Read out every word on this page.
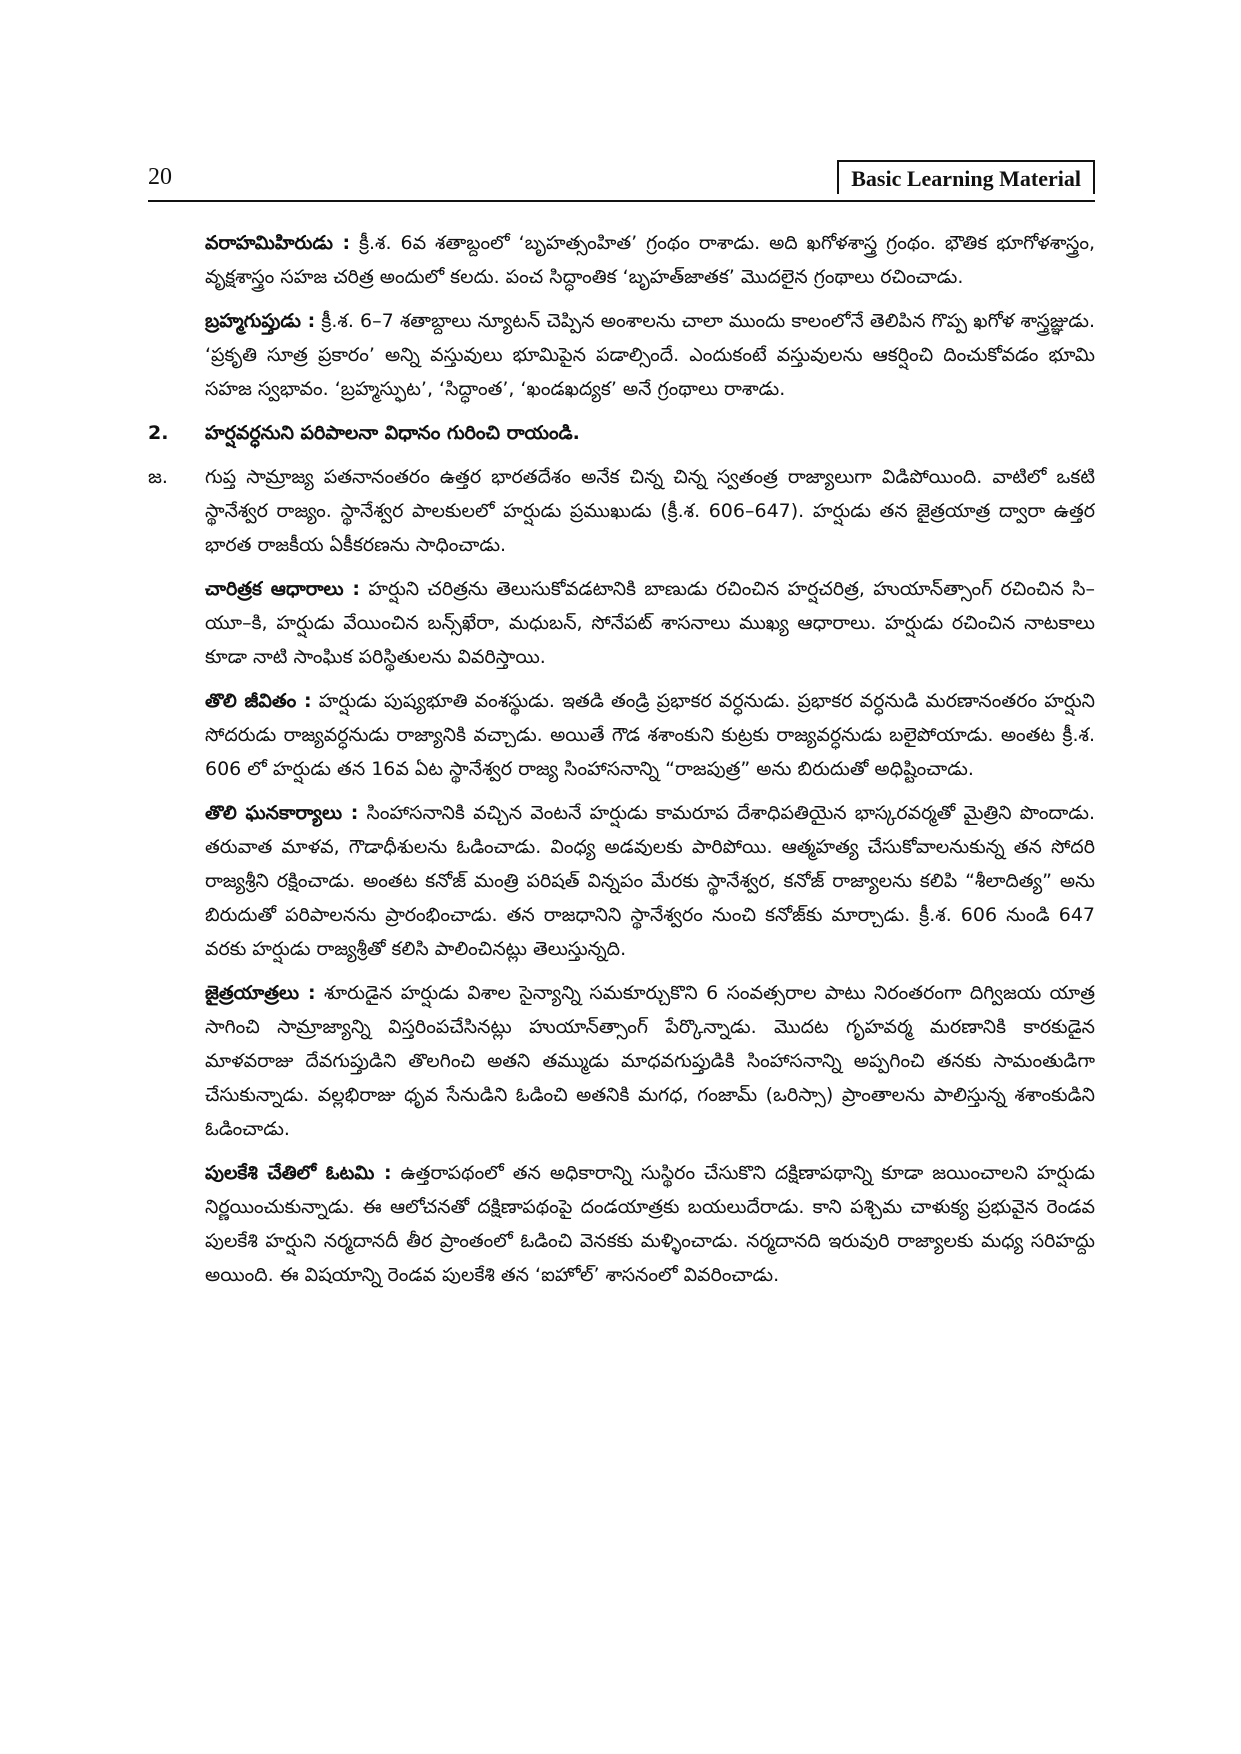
20	Basic Learning Material

వరాహమిహిరుడు : క్రీ.శ. 6వ శతాబ్దంలో ‘బృహత్సంహిత’ గ్రంథం రాశాడు. అది ఖగోళశాస్త్ర గ్రంథం. భౌతిక భూగోళశాస్త్రం, వృక్షశాస్త్రం సహజ చరిత్ర అందులో కలదు. పంచ సిద్ధాంతిక ‘బృహత్‌జాతక’ మొదలైన గ్రంథాలు రచించాడు.

బ్రహ్మగుప్తుడు : క్రీ.శ. 6–7 శతాబ్దాలు న్యూటన్ చెప్పిన అంశాలను చాలా ముందు కాలంలోనే తెలిపిన గొప్ప ఖగోళ శాస్త్రజ్ఞుడు. ‘ప్రకృతి సూత్ర ప్రకారం’ అన్ని వస్తువులు భూమిపైన పడాల్సిందే. ఎందుకంటే వస్తువులను ఆకర్షించి దించుకోవడం భూమి సహజ స్వభావం. ‘బ్రహ్మస్ఫుట’, ‘సిద్ధాంత’, ‘ఖండఖద్యక’ అనే గ్రంథాలు రాశాడు.

2.	హర్షవర్ధనుని పరిపాలనా విధానం గురించి రాయండి.
జ.	గుప్త సామ్రాజ్య పతనానంతరం ఉత్తర భారతదేశం అనేక చిన్న చిన్న స్వతంత్ర రాజ్యాలుగా విడిపోయింది. వాటిలో ఒకటి స్థానేశ్వర రాజ్యం. స్థానేశ్వర పాలకులలో హర్షుడు ప్రముఖుడు (క్రీ.శ. 606–647). హర్షుడు తన జైత్రయాత్ర ద్వారా ఉత్తర భారత రాజకీయ ఏకీకరణను సాధించాడు.

చారిత్రక ఆధారాలు : హర్షుని చరిత్రను తెలుసుకోవడటానికి బాణుడు రచించిన హర్షచరిత్ర, హుయాన్‌త్సాంగ్ రచించిన సి–యూ–కి, హర్షుడు వేయించిన బన్స్‌ఖేరా, మధుబన్, సోనేపట్ శాసనాలు ముఖ్య ఆధారాలు. హర్షుడు రచించిన నాటకాలు కూడా నాటి సాంఘిక పరిస్థితులను వివరిస్తాయి.

తొలి జీవితం : హర్షుడు పుష్యభూతి వంశస్థుడు. ఇతడి తండ్రి ప్రభాకర వర్ధనుడు. ప్రభాకర వర్ధనుడి మరణానంతరం హర్షుని సోదరుడు రాజ్యవర్ధనుడు రాజ్యానికి వచ్చాడు. అయితే గౌడ శశాంకుని కుట్రకు రాజ్యవర్ధనుడు బలైపోయాడు. అంతట క్రీ.శ. 606 లో హర్షుడు తన 16వ ఏట స్థానేశ్వర రాజ్య సింహాసనాన్ని “రాజపుత్ర” అను బిరుదుతో అధిష్టించాడు.

తొలి ఘనకార్యాలు : సింహాసనానికి వచ్చిన వెంటనే హర్షుడు కామరూప దేశాధిపతియైన భాస్కరవర్మతో మైత్రిని పొందాడు. తరువాత మాళవ, గౌడాధీశులను ఓడించాడు. వింధ్య అడవులకు పారిపోయి. ఆత్మహత్య చేసుకోవాలనుకున్న తన సోదరి రాజ్యశ్రీని రక్షించాడు. అంతట కనోజ్ మంత్రి పరిషత్ విన్నపం మేరకు స్థానేశ్వర, కనోజ్ రాజ్యాలను కలిపి “శీలాదిత్య” అను బిరుదుతో పరిపాలనను ప్రారంభించాడు. తన రాజధానిని స్థానేశ్వరం నుంచి కనోజ్‌కు మార్చాడు. క్రీ.శ. 606 నుండి 647 వరకు హర్షుడు రాజ్యశ్రీతో కలిసి పాలించినట్లు తెలుస్తున్నది.

జైత్రయాత్రలు : శూరుడైన హర్షుడు విశాల సైన్యాన్ని సమకూర్చుకొని 6 సంవత్సరాల పాటు నిరంతరంగా దిగ్విజయ యాత్ర సాగించి సామ్రాజ్యాన్ని విస్తరింపచేసినట్లు హుయాన్‌త్సాంగ్ పేర్కొన్నాడు. మొదట గృహవర్మ మరణానికి కారకుడైన మాళవరాజు దేవగుప్తుడిని తొలగించి అతని తమ్ముడు మాధవగుప్తుడికి సింహాసనాన్ని అప్పగించి తనకు సామంతుడిగా చేసుకున్నాడు. వల్లభిరాజు ధృవ సేనుడిని ఓడించి అతనికి మగధ, గంజామ్ (ఒరిస్సా) ప్రాంతాలను పాలిస్తున్న శశాంకుడిని ఓడించాడు.

పులకేశి చేతిలో ఓటమి : ఉత్తరాపథంలో తన అధికారాన్ని సుస్థిరం చేసుకొని దక్షిణాపథాన్ని కూడా జయించాలని హర్షుడు నిర్ణయించుకున్నాడు. ఈ ఆలోచనతో దక్షిణాపథంపై దండయాత్రకు బయలుదేరాడు. కాని పశ్చిమ చాళుక్య ప్రభువైన రెండవ పులకేశి హర్షుని నర్మదానదీ తీర ప్రాంతంలో ఓడించి వెనకకు మళ్ళించాడు. నర్మదానది ఇరువురి రాజ్యాలకు మధ్య సరిహద్దు అయింది. ఈ విషయాన్ని రెండవ పులకేశి తన ‘ఐహోల్’ శాసనంలో వివరించాడు.
